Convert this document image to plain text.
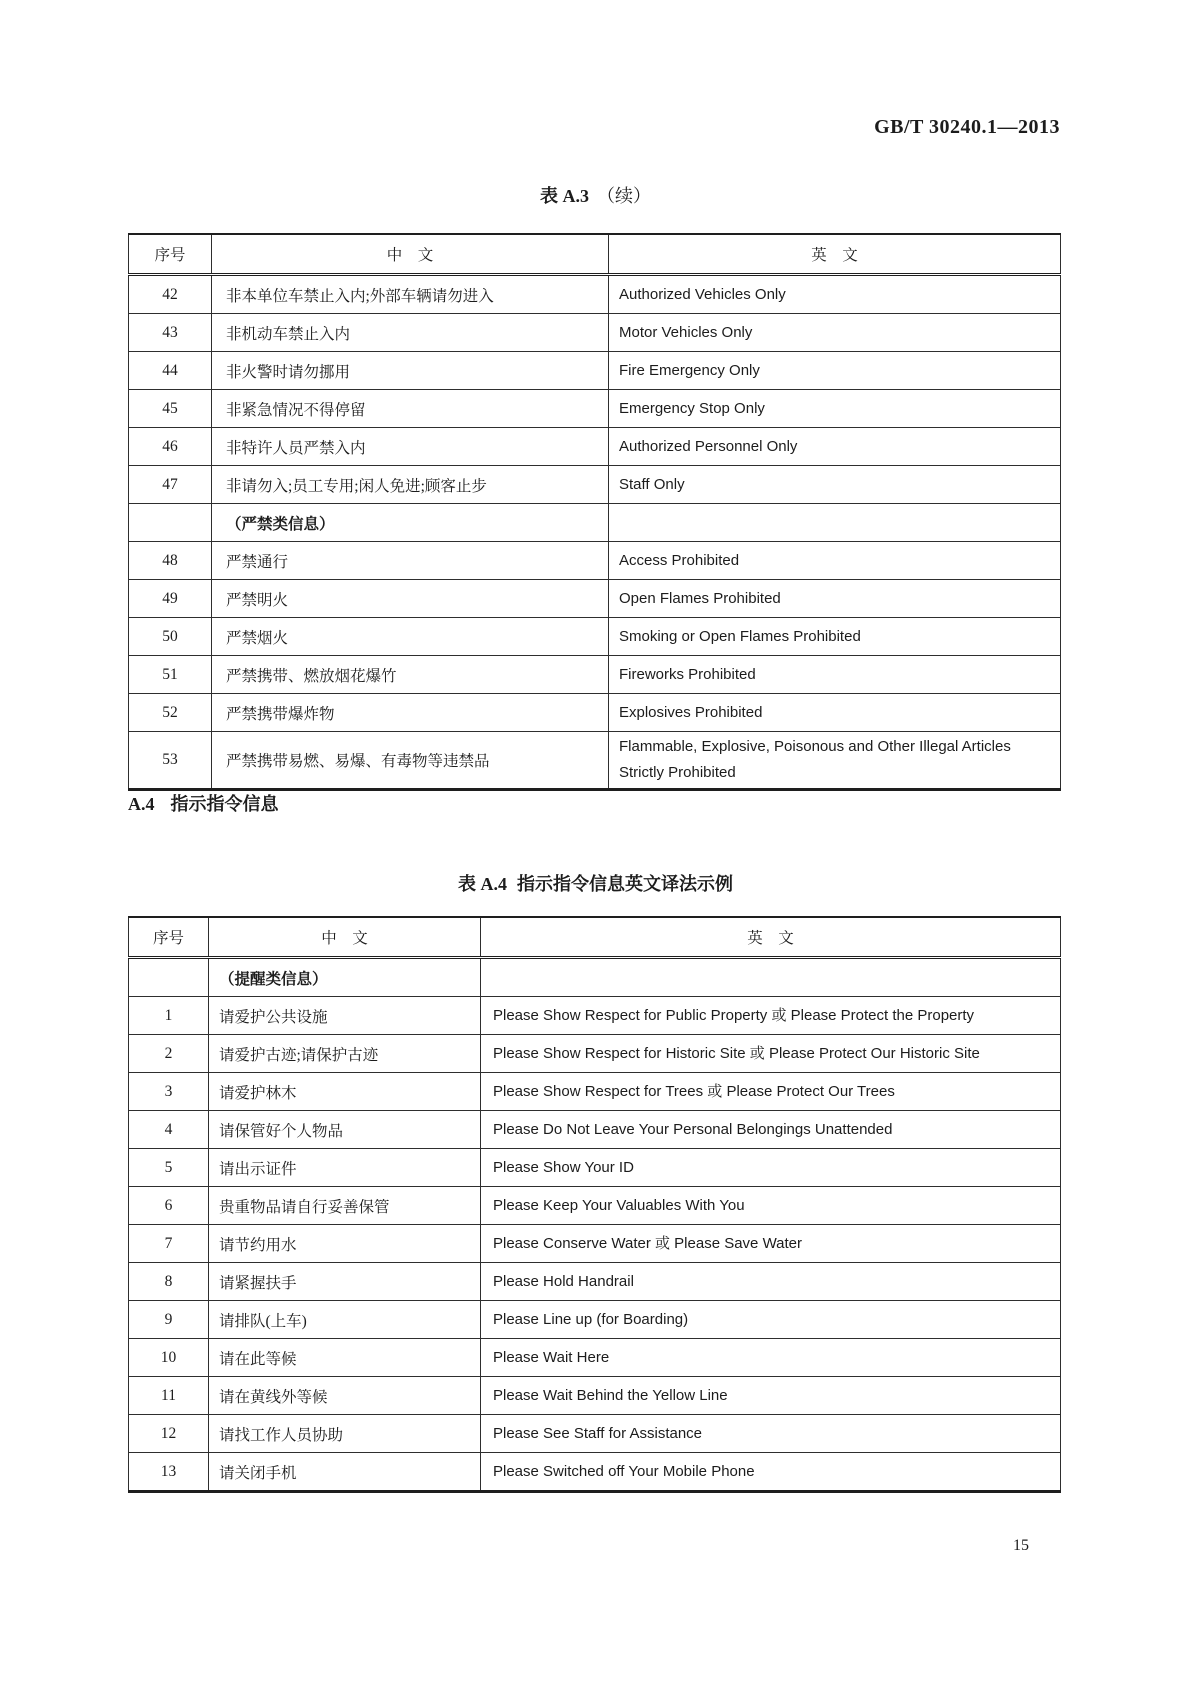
GB/T 30240.1—2013
表 A.3 （续）
序号	中　文	英　文
42	非本单位车禁止入内;外部车辆请勿进入	Authorized Vehicles Only
43	非机动车禁止入内	Motor Vehicles Only
44	非火警时请勿挪用	Fire Emergency Only
45	非紧急情况不得停留	Emergency Stop Only
46	非特许人员严禁入内	Authorized Personnel Only
47	非请勿入;员工专用;闲人免进;顾客止步	Staff Only
	（严禁类信息）	
48	严禁通行	Access Prohibited
49	严禁明火	Open Flames Prohibited
50	严禁烟火	Smoking or Open Flames Prohibited
51	严禁携带、燃放烟花爆竹	Fireworks Prohibited
52	严禁携带爆炸物	Explosives Prohibited
53	严禁携带易燃、易爆、有毒物等违禁品	Flammable, Explosive, Poisonous and Other Illegal Articles Strictly Prohibited
A.4 指示指令信息
表 A.4 指示指令信息英文译法示例
序号	中　文	英　文
	（提醒类信息）	
1	请爱护公共设施	Please Show Respect for Public Property 或 Please Protect the Property
2	请爱护古迹;请保护古迹	Please Show Respect for Historic Site 或 Please Protect Our Historic Site
3	请爱护林木	Please Show Respect for Trees 或 Please Protect Our Trees
4	请保管好个人物品	Please Do Not Leave Your Personal Belongings Unattended
5	请出示证件	Please Show Your ID
6	贵重物品请自行妥善保管	Please Keep Your Valuables With You
7	请节约用水	Please Conserve Water 或 Please Save Water
8	请紧握扶手	Please Hold Handrail
9	请排队(上车)	Please Line up (for Boarding)
10	请在此等候	Please Wait Here
11	请在黄线外等候	Please Wait Behind the Yellow Line
12	请找工作人员协助	Please See Staff for Assistance
13	请关闭手机	Please Switched off Your Mobile Phone
15
